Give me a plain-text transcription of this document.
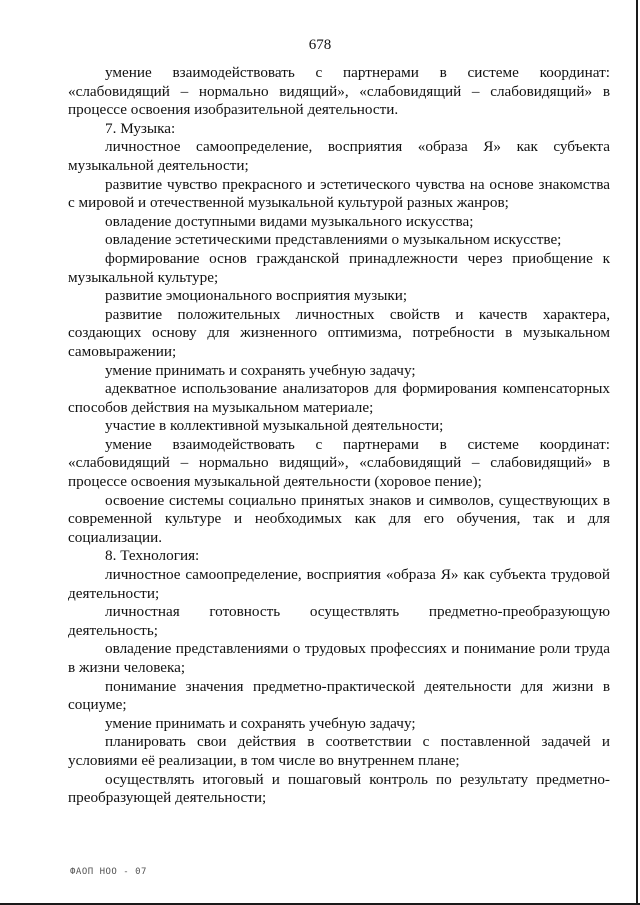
678

умение взаимодействовать с партнерами в системе координат: «слабовидящий – нормально видящий», «слабовидящий – слабовидящий» в процессе освоения изобразительной деятельности.

7. Музыка:

личностное самоопределение, восприятия «образа Я» как субъекта музыкальной деятельности;

развитие чувство прекрасного и эстетического чувства на основе знакомства с мировой и отечественной музыкальной культурой разных жанров;

овладение доступными видами музыкального искусства;

овладение эстетическими представлениями о музыкальном искусстве;

формирование основ гражданской принадлежности через приобщение к музыкальной культуре;

развитие эмоционального восприятия музыки;

развитие положительных личностных свойств и качеств характера, создающих основу для жизненного оптимизма, потребности в музыкальном самовыражении;

умение принимать и сохранять учебную задачу;

адекватное использование анализаторов для формирования компенсаторных способов действия на музыкальном материале;

участие в коллективной музыкальной деятельности;

умение взаимодействовать с партнерами в системе координат: «слабовидящий – нормально видящий», «слабовидящий – слабовидящий» в процессе освоения музыкальной деятельности (хоровое пение);

освоение системы социально принятых знаков и символов, существующих в современной культуре и необходимых как для его обучения, так и для социализации.

8. Технология:

личностное самоопределение, восприятия «образа Я» как субъекта трудовой деятельности;

личностная готовность осуществлять предметно-преобразующую деятельность;

овладение представлениями о трудовых профессиях и понимание роли труда в жизни человека;

понимание значения предметно-практической деятельности для жизни в социуме;

умение принимать и сохранять учебную задачу;

планировать свои действия в соответствии с поставленной задачей и условиями её реализации, в том числе во внутреннем плане;

осуществлять итоговый и пошаговый контроль по результату предметно-преобразующей деятельности;

ФАОП НОО - 07
